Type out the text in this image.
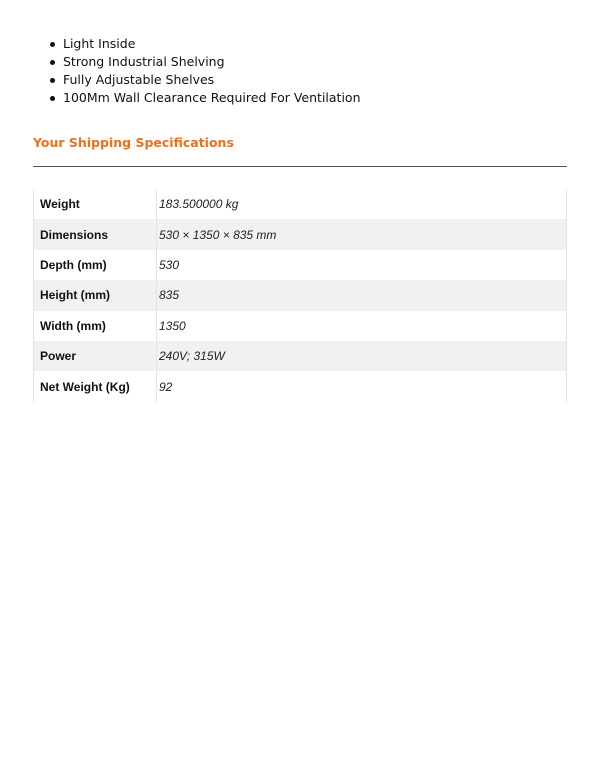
Light Inside
Strong Industrial Shelving
Fully Adjustable Shelves
100Mm Wall Clearance Required For Ventilation
Your Shipping Specifications
Weight	183.500000 kg
Dimensions	530 × 1350 × 835 mm
Depth (mm)	530
Height (mm)	835
Width (mm)	1350
Power	240V; 315W
Net Weight (Kg)	92
